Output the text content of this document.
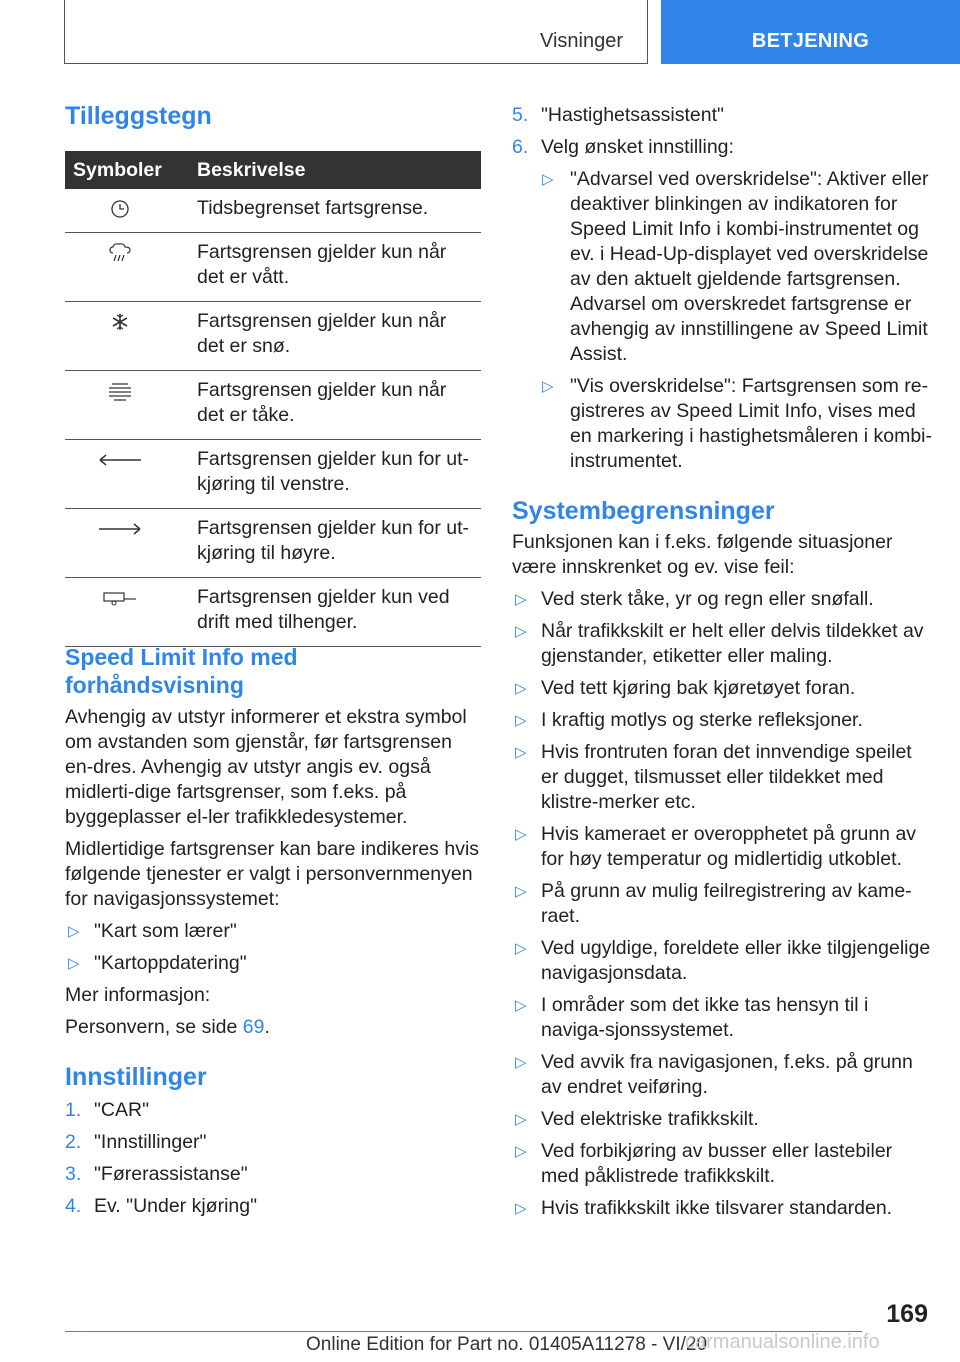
Visninger	BETJENING
Tilleggstegn
Symboler	Beskrivelse
	Tidsbegrenset fartsgrense.
	Fartsgrensen gjelder kun når det er vått.
	Fartsgrensen gjelder kun når det er snø.
	Fartsgrensen gjelder kun når det er tåke.
	Fartsgrensen gjelder kun for ut-kjøring til venstre.
	Fartsgrensen gjelder kun for ut-kjøring til høyre.
	Fartsgrensen gjelder kun ved drift med tilhenger.
Speed Limit Info med forhåndsvisning

Avhengig av utstyr informerer et ekstra symbol om avstanden som gjenstår, før fartsgrensen en-dres. Avhengig av utstyr angis ev. også midlerti-dige fartsgrenser, som f.eks. på byggeplasser el-ler trafikkledesystemer.

Midlertidige fartsgrenser kan bare indikeres hvis følgende tjenester er valgt i personvernmenyen for navigasjonssystemet:

▷ "Kart som lærer"
▷ "Kartoppdatering"

Mer informasjon:

Personvern, se side 69.

Innstillinger
1. "CAR"
2. "Innstillinger"
3. "Førerassistanse"
4. Ev. "Under kjøring"
5. "Hastighetsassistent"
6. Velg ønsket innstilling:
▷ "Advarsel ved overskridelse": Aktiver eller deaktiver blinkingen av indikatoren for Speed Limit Info i kombi-instrumentet og ev. i Head-Up-displayet ved overskridelse av den aktuelt gjeldende fartsgrensen. Advarsel om overskredet fartsgrense er avhengig av innstillingene av Speed Limit Assist.
▷ "Vis overskridelse": Fartsgrensen som re-gistreres av Speed Limit Info, vises med en markering i hastighetsmåleren i kombi-instrumentet.
Systembegrensninger

Funksjonen kan i f.eks. følgende situasjoner være innskrenket og ev. vise feil:

▷ Ved sterk tåke, yr og regn eller snøfall.
▷ Når trafikkskilt er helt eller delvis tildekket av gjenstander, etiketter eller maling.
▷ Ved tett kjøring bak kjøretøyet foran.
▷ I kraftig motlys og sterke refleksjoner.
▷ Hvis frontruten foran det innvendige speilet er dugget, tilsmusset eller tildekket med klistre-merker etc.
▷ Hvis kameraet er overopphetet på grunn av for høy temperatur og midlertidig utkoblet.
▷ På grunn av mulig feilregistrering av kame-raet.
▷ Ved ugyldige, foreldete eller ikke tilgjengelige navigasjonsdata.
▷ I områder som det ikke tas hensyn til i naviga-sjonssystemet.
▷ Ved avvik fra navigasjonen, f.eks. på grunn av endret veiføring.
▷ Ved elektriske trafikkskilt.
▷ Ved forbikjøring av busser eller lastebiler med påklistrede trafikkskilt.
▷ Hvis trafikkskilt ikke tilsvarer standarden.
169
Online Edition for Part no. 01405A11278 - VI/20
carmanualsonline.info
